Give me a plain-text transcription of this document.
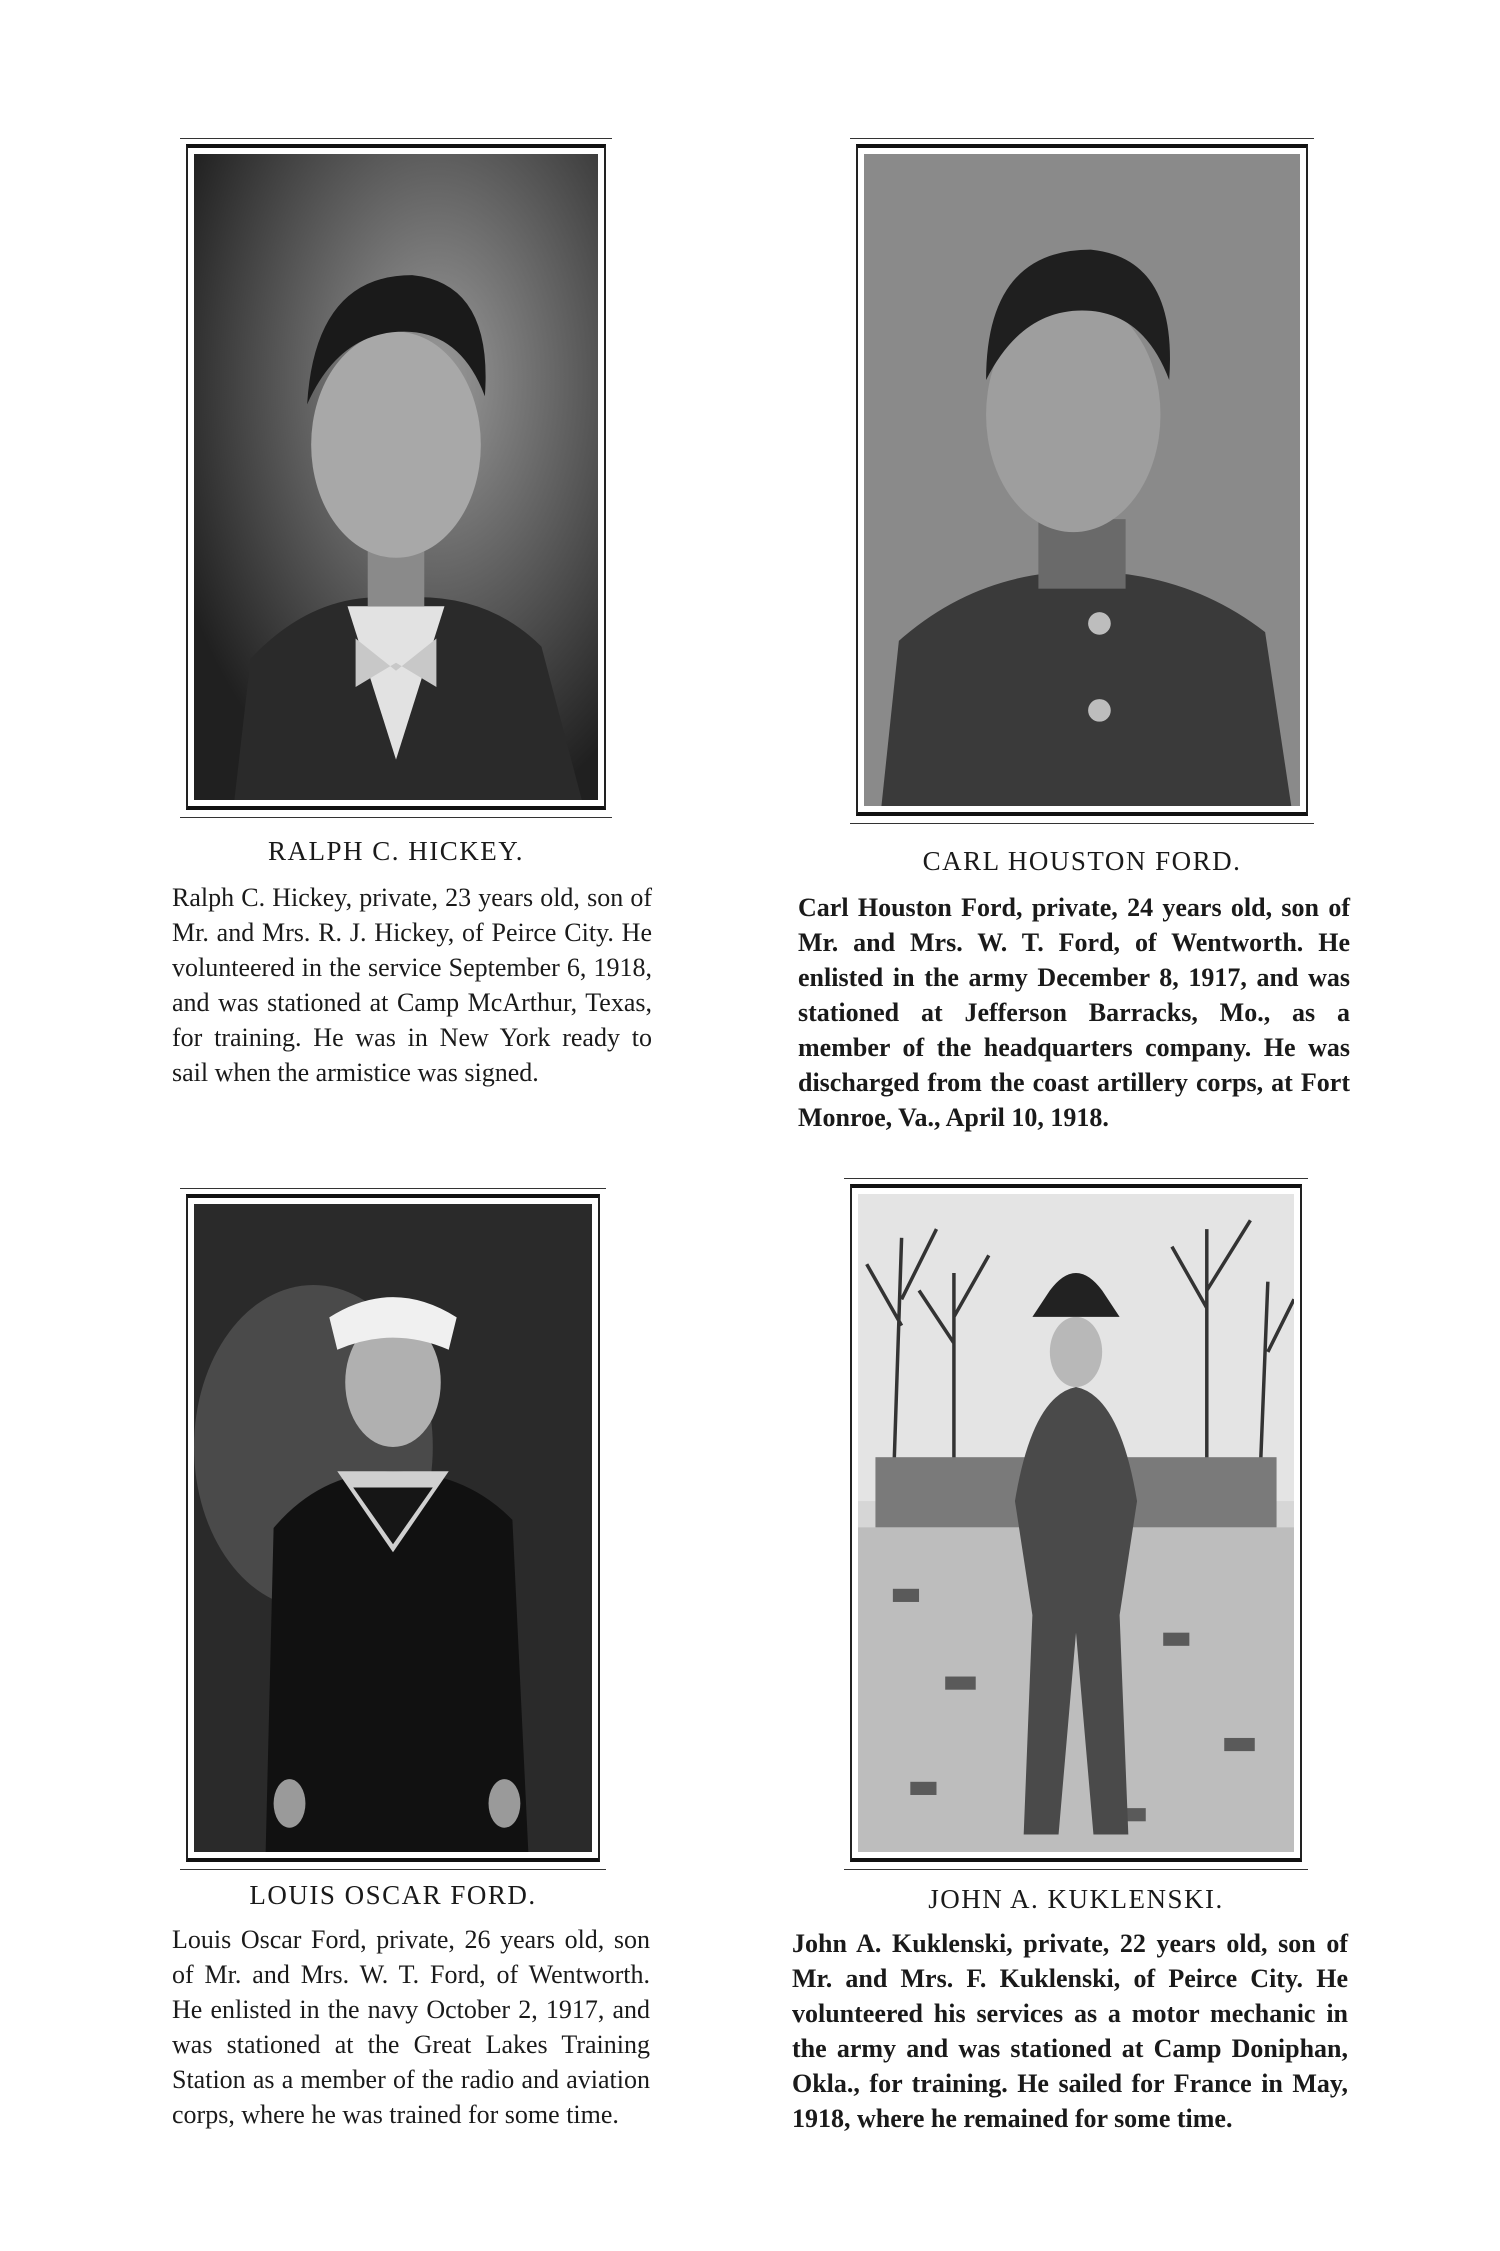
RALPH C. HICKEY.
Ralph C. Hickey, private, 23 years old, son of Mr. and Mrs. R. J. Hickey, of Peirce City. He volunteered in the service September 6, 1918, and was stationed at Camp McArthur, Texas, for training. He was in New York ready to sail when the armistice was signed.
CARL HOUSTON FORD.
Carl Houston Ford, private, 24 years old, son of Mr. and Mrs. W. T. Ford, of Wentworth. He enlisted in the army December 8, 1917, and was stationed at Jefferson Barracks, Mo., as a member of the headquarters company. He was discharged from the coast artillery corps, at Fort Monroe, Va., April 10, 1918.
LOUIS OSCAR FORD.
Louis Oscar Ford, private, 26 years old, son of Mr. and Mrs. W. T. Ford, of Wentworth. He enlisted in the navy October 2, 1917, and was stationed at the Great Lakes Training Station as a member of the radio and aviation corps, where he was trained for some time.
JOHN A. KUKLENSKI.
John A. Kuklenski, private, 22 years old, son of Mr. and Mrs. F. Kuklenski, of Peirce City. He volunteered his services as a motor mechanic in the army and was stationed at Camp Doniphan, Okla., for training. He sailed for France in May, 1918, where he remained for some time.
